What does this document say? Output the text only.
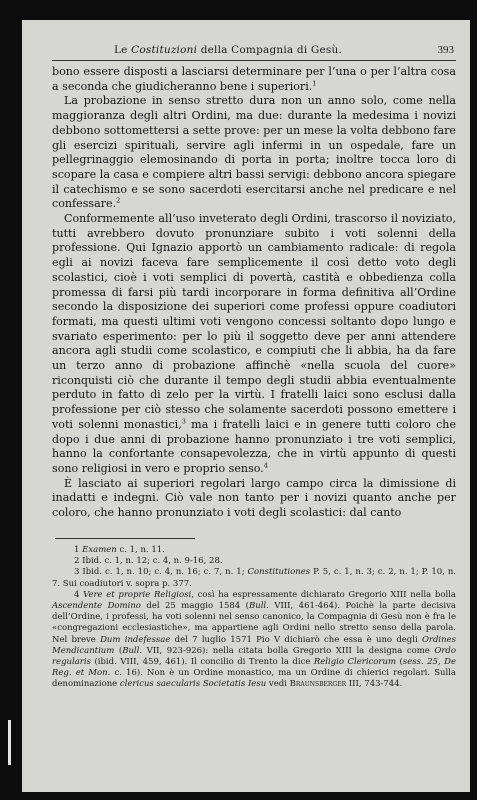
Le Costituzioni della Compagnia di Gesù.	393

bono essere disposti a lasciarsi determinare per l’una o per l’altra cosa a seconda che giudicheranno bene i superiori.$^1$

La probazione in senso stretto dura non un anno solo, come nella maggioranza degli altri Ordini, ma due: durante la medesima i novizi debbono sottomettersi a sette prove: per un mese la volta debbono fare gli esercizi spirituali, servire agli infermi in un ospedale, fare un pellegrinaggio elemosinando di porta in porta; inoltre tocca loro di scopare la casa e compiere altri bassi servigi: debbono ancora spiegare il catechismo e se sono sacerdoti esercitarsi anche nel predicare e nel confessare.$^2$

Conformemente all’uso inveterato degli Ordini, trascorso il noviziato, tutti avrebbero dovuto pronunziare subito i voti solenni della professione. Qui Ignazio apportò un cambiamento radicale: di regola egli ai novizi faceva fare semplicemente il così detto voto degli scolastici, cioè i voti semplici di povertà, castità e obbedienza colla promessa di farsi più tardi incorporare in forma definitiva all’Ordine secondo la disposizione dei superiori come professi oppure coadiutori formati, ma questi ultimi voti vengono concessi soltanto dopo lungo e svariato esperimento: per lo più il soggetto deve per anni attendere ancora agli studii come scolastico, e compiuti che li abbia, ha da fare un terzo anno di probazione affinchè «nella scuola del cuore» riconquisti ciò che durante il tempo degli studii abbia eventualmente perduto in fatto di zelo per la virtù. I fratelli laici sono esclusi dalla professione per ciò stesso che solamente sacerdoti possono emettere i voti solenni monastici,$^3$ ma i fratelli laici e in genere tutti coloro che dopo i due anni di probazione hanno pronunziato i tre voti semplici, hanno la confortante consapevolezza, che in virtù appunto di questi sono religiosi in vero e proprio senso.$^4$

È lasciato ai superiori regolari largo campo circa la dimissione di inadatti e indegni. Ciò vale non tanto per i novizi quanto anche per coloro, che hanno pronunziato i voti degli scolastici: dal canto

1 Examen c. 1, n. 11.

2 Ibid. c. 1, n. 12; c. 4, n. 9-16, 28.

3 Ibid. c. 1, n. 10; c. 4, n. 16; c. 7, n. 1; Constitutiones P. 5, c. 1, n. 3; c. 2, n. 1; P. 10, n. 7. Sui coadiutori v. sopra p. 377.

4 Vere et proprie Religiosi, così ha espressamente dichiarato Gregorio XIII nella bolla Ascendente Domino del 25 maggio 1584 (Bull. VIII, 461-464). Poichè la parte decisiva dell’Ordine, i professi, ha voti solenni nel senso canonico, la Compagnia di Gesù non è fra le «congregazioni ecclesiastiche», ma appartiene agli Ordini nello stretto senso della parola. Nel breve Dum indefessae del 7 luglio 1571 Pio V dichiarò che essa è uno degli Ordines Mendicantium (Bull. VII, 923-926): nella citata bolla Gregorio XIII la designa come Ordo regularis (ibid. VIII, 459, 461). Il concilio di Trento la dice Religio Clericorum (sess. 25, De Reg. et Mon. c. 16). Non è un Ordine monastico, ma un Ordine di chierici regolari. Sulla denominazione clericus saecularis Societatis Iesu vedi Braunsberger III, 743-744.
